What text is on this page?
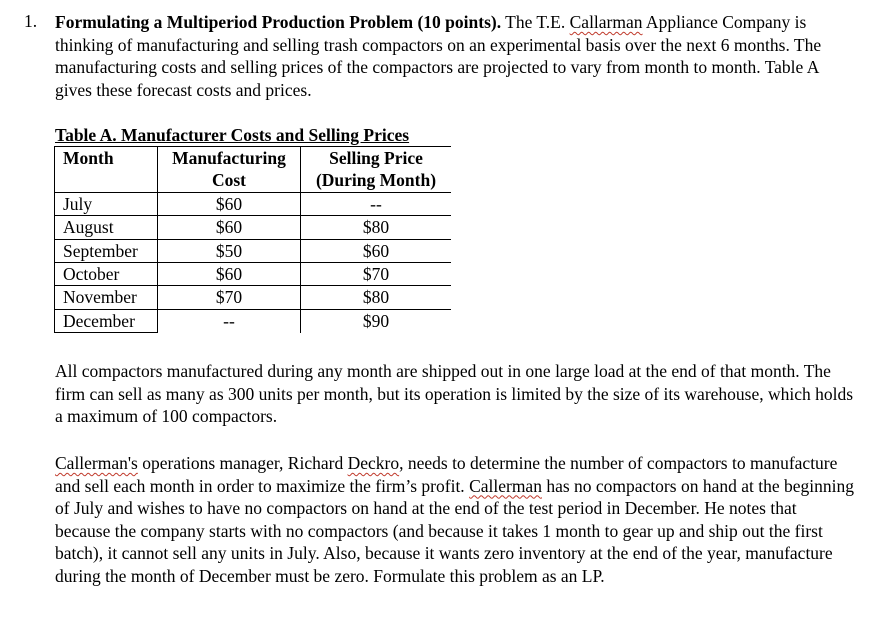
1. Formulating a Multiperiod Production Problem (10 points). The T.E. Callarman Appliance Company is thinking of manufacturing and selling trash compactors on an experimental basis over the next 6 months. The manufacturing costs and selling prices of the compactors are projected to vary from month to month. Table A gives these forecast costs and prices.
Table A. Manufacturer Costs and Selling Prices
Month	Manufacturing	Selling Price
	Cost	(During Month)
July	$60	--
August	$60	$80
September	$50	$60
October	$60	$70
November	$70	$80
December	--	$90
All compactors manufactured during any month are shipped out in one large load at the end of that month. The firm can sell as many as 300 units per month, but its operation is limited by the size of its warehouse, which holds a maximum of 100 compactors.
Callerman's operations manager, Richard Deckro, needs to determine the number of compactors to manufacture and sell each month in order to maximize the firm’s profit. Callerman has no compactors on hand at the beginning of July and wishes to have no compactors on hand at the end of the test period in December. He notes that because the company starts with no compactors (and because it takes 1 month to gear up and ship out the first batch), it cannot sell any units in July. Also, because it wants zero inventory at the end of the year, manufacture during the month of December must be zero. Formulate this problem as an LP.
